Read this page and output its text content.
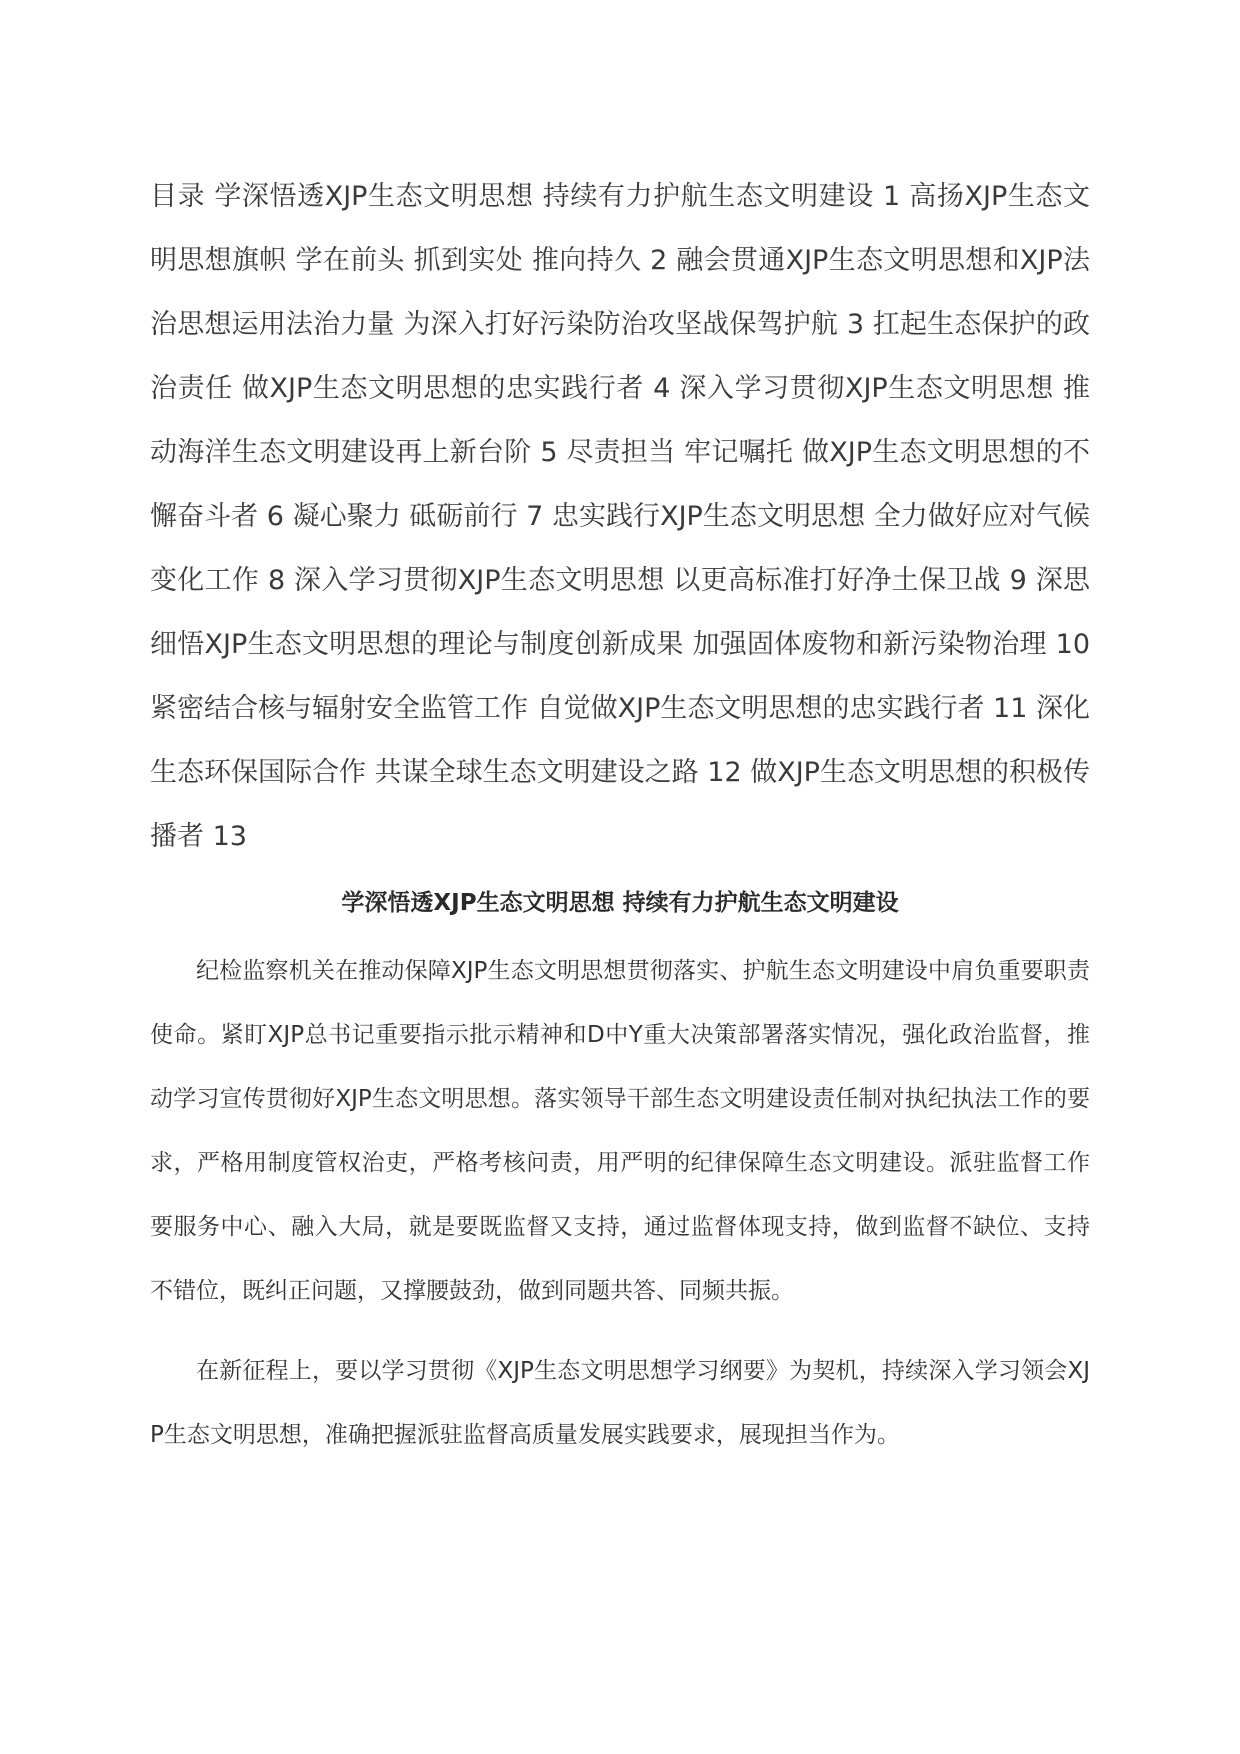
目录 学深悟透XJP生态文明思想 持续有力护航生态文明建设 1 高扬XJP生态文明思想旗帜 学在前头 抓到实处 推向持久 2 融会贯通XJP生态文明思想和XJP法治思想运用法治力量 为深入打好污染防治攻坚战保驾护航 3 扛起生态保护的政治责任 做XJP生态文明思想的忠实践行者 4 深入学习贯彻XJP生态文明思想 推动海洋生态文明建设再上新台阶 5 尽责担当 牢记嘱托 做XJP生态文明思想的不懈奋斗者 6 凝心聚力 砥砺前行 7 忠实践行XJP生态文明思想 全力做好应对气候变化工作 8 深入学习贯彻XJP生态文明思想 以更高标准打好净土保卫战 9 深思细悟XJP生态文明思想的理论与制度创新成果 加强固体废物和新污染物治理 10 紧密结合核与辐射安全监管工作 自觉做XJP生态文明思想的忠实践行者 11 深化生态环保国际合作 共谋全球生态文明建设之路 12 做XJP生态文明思想的积极传播者 13
学深悟透XJP生态文明思想 持续有力护航生态文明建设

纪检监察机关在推动保障XJP生态文明思想贯彻落实、护航生态文明建设中肩负重要职责使命。紧盯XJP总书记重要指示批示精神和D中Y重大决策部署落实情况，强化政治监督，推动学习宣传贯彻好XJP生态文明思想。落实领导干部生态文明建设责任制对执纪执法工作的要求，严格用制度管权治吏，严格考核问责，用严明的纪律保障生态文明建设。派驻监督工作要服务中心、融入大局，就是要既监督又支持，通过监督体现支持，做到监督不缺位、支持不错位，既纠正问题，又撑腰鼓劲，做到同题共答、同频共振。

在新征程上，要以学习贯彻《XJP生态文明思想学习纲要》为契机，持续深入学习领会XJP生态文明思想，准确把握派驻监督高质量发展实践要求，展现担当作为。
